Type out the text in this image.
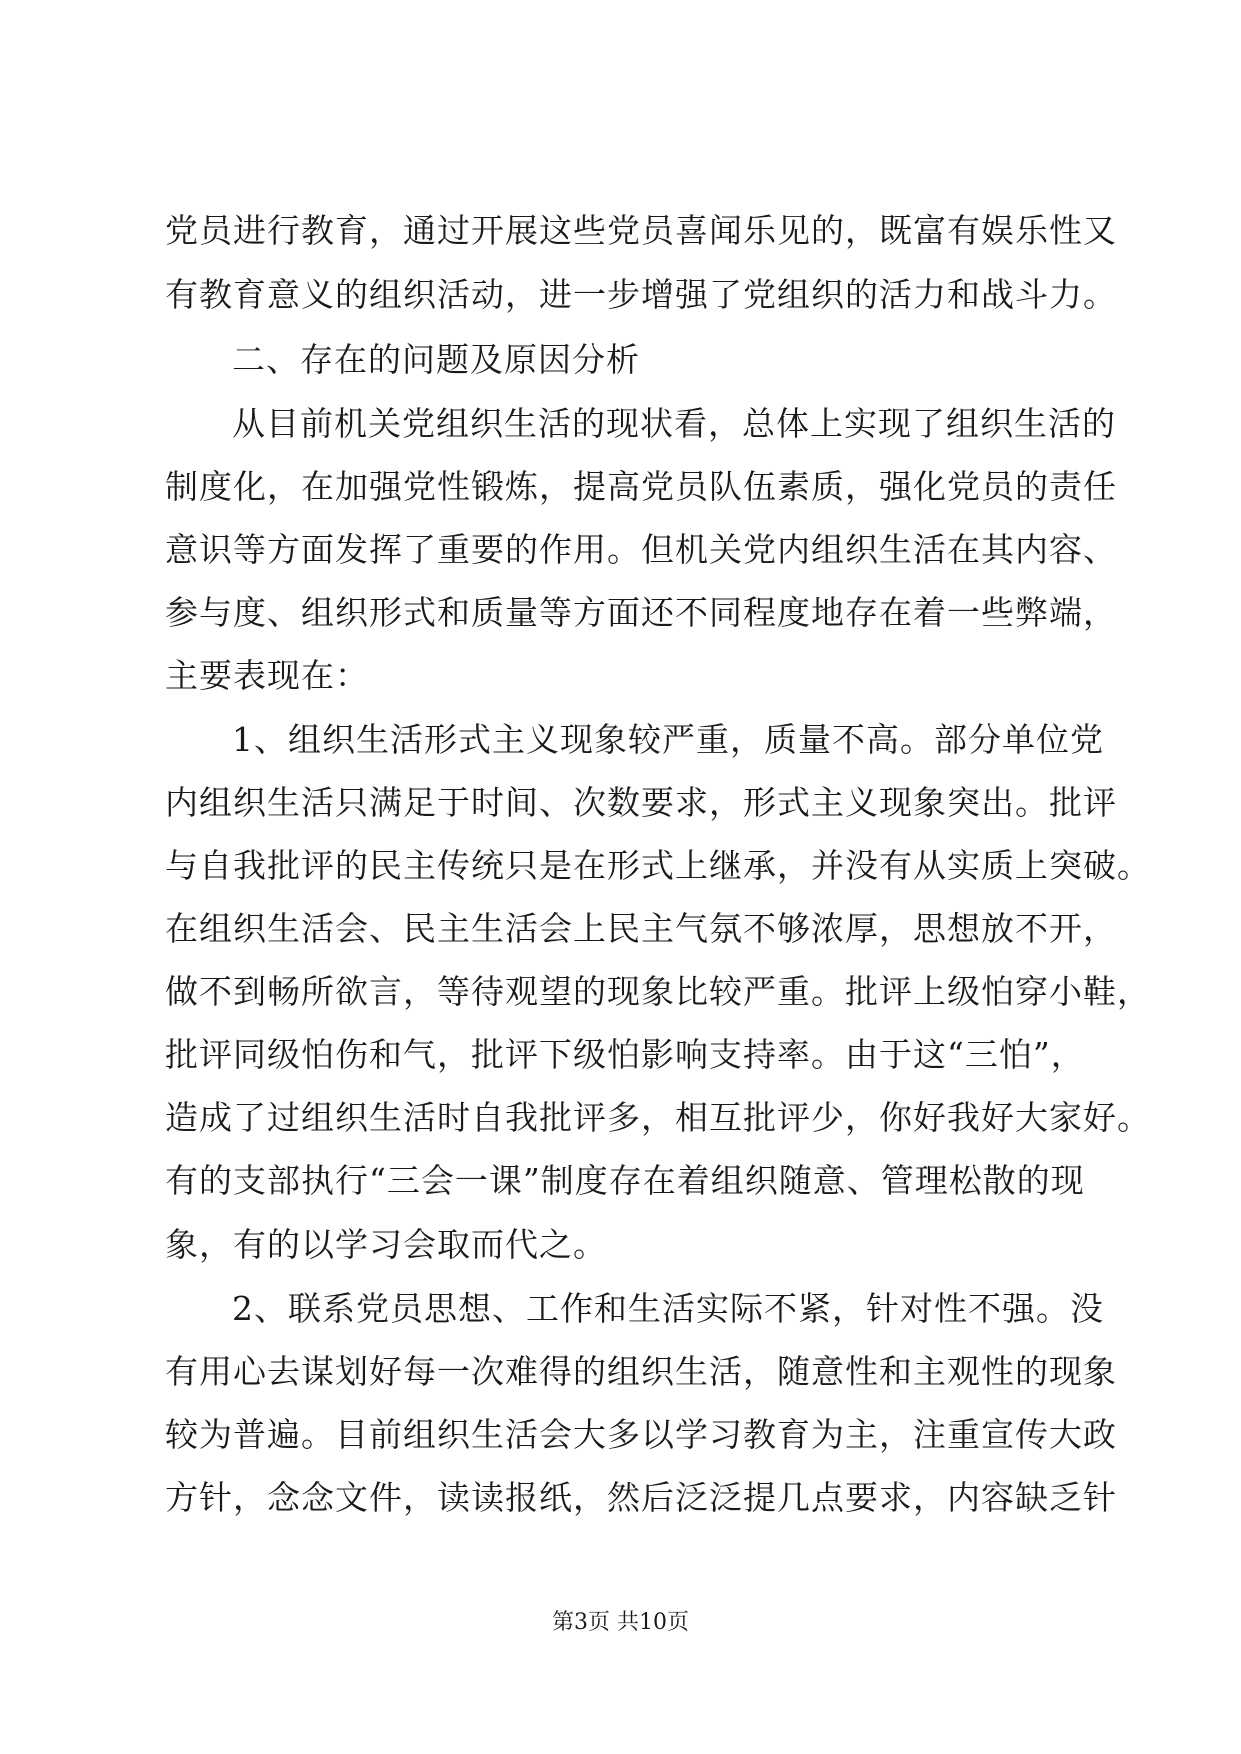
党员进行教育，通过开展这些党员喜闻乐见的，既富有娱乐性又
有教育意义的组织活动，进一步增强了党组织的活力和战斗力。
二、存在的问题及原因分析
从目前机关党组织生活的现状看，总体上实现了组织生活的
制度化，在加强党性锻炼，提高党员队伍素质，强化党员的责任
意识等方面发挥了重要的作用。但机关党内组织生活在其内容、
参与度、组织形式和质量等方面还不同程度地存在着一些弊端，
主要表现在：
1、组织生活形式主义现象较严重，质量不高。部分单位党
内组织生活只满足于时间、次数要求，形式主义现象突出。批评
与自我批评的民主传统只是在形式上继承，并没有从实质上突破。
在组织生活会、民主生活会上民主气氛不够浓厚，思想放不开，
做不到畅所欲言，等待观望的现象比较严重。批评上级怕穿小鞋，
批评同级怕伤和气，批评下级怕影响支持率。由于这“三怕”，
造成了过组织生活时自我批评多，相互批评少，你好我好大家好。
有的支部执行“三会一课”制度存在着组织随意、管理松散的现
象，有的以学习会取而代之。
2、联系党员思想、工作和生活实际不紧，针对性不强。没
有用心去谋划好每一次难得的组织生活，随意性和主观性的现象
较为普遍。目前组织生活会大多以学习教育为主，注重宣传大政
方针，念念文件，读读报纸，然后泛泛提几点要求，内容缺乏针
第3页 共10页
